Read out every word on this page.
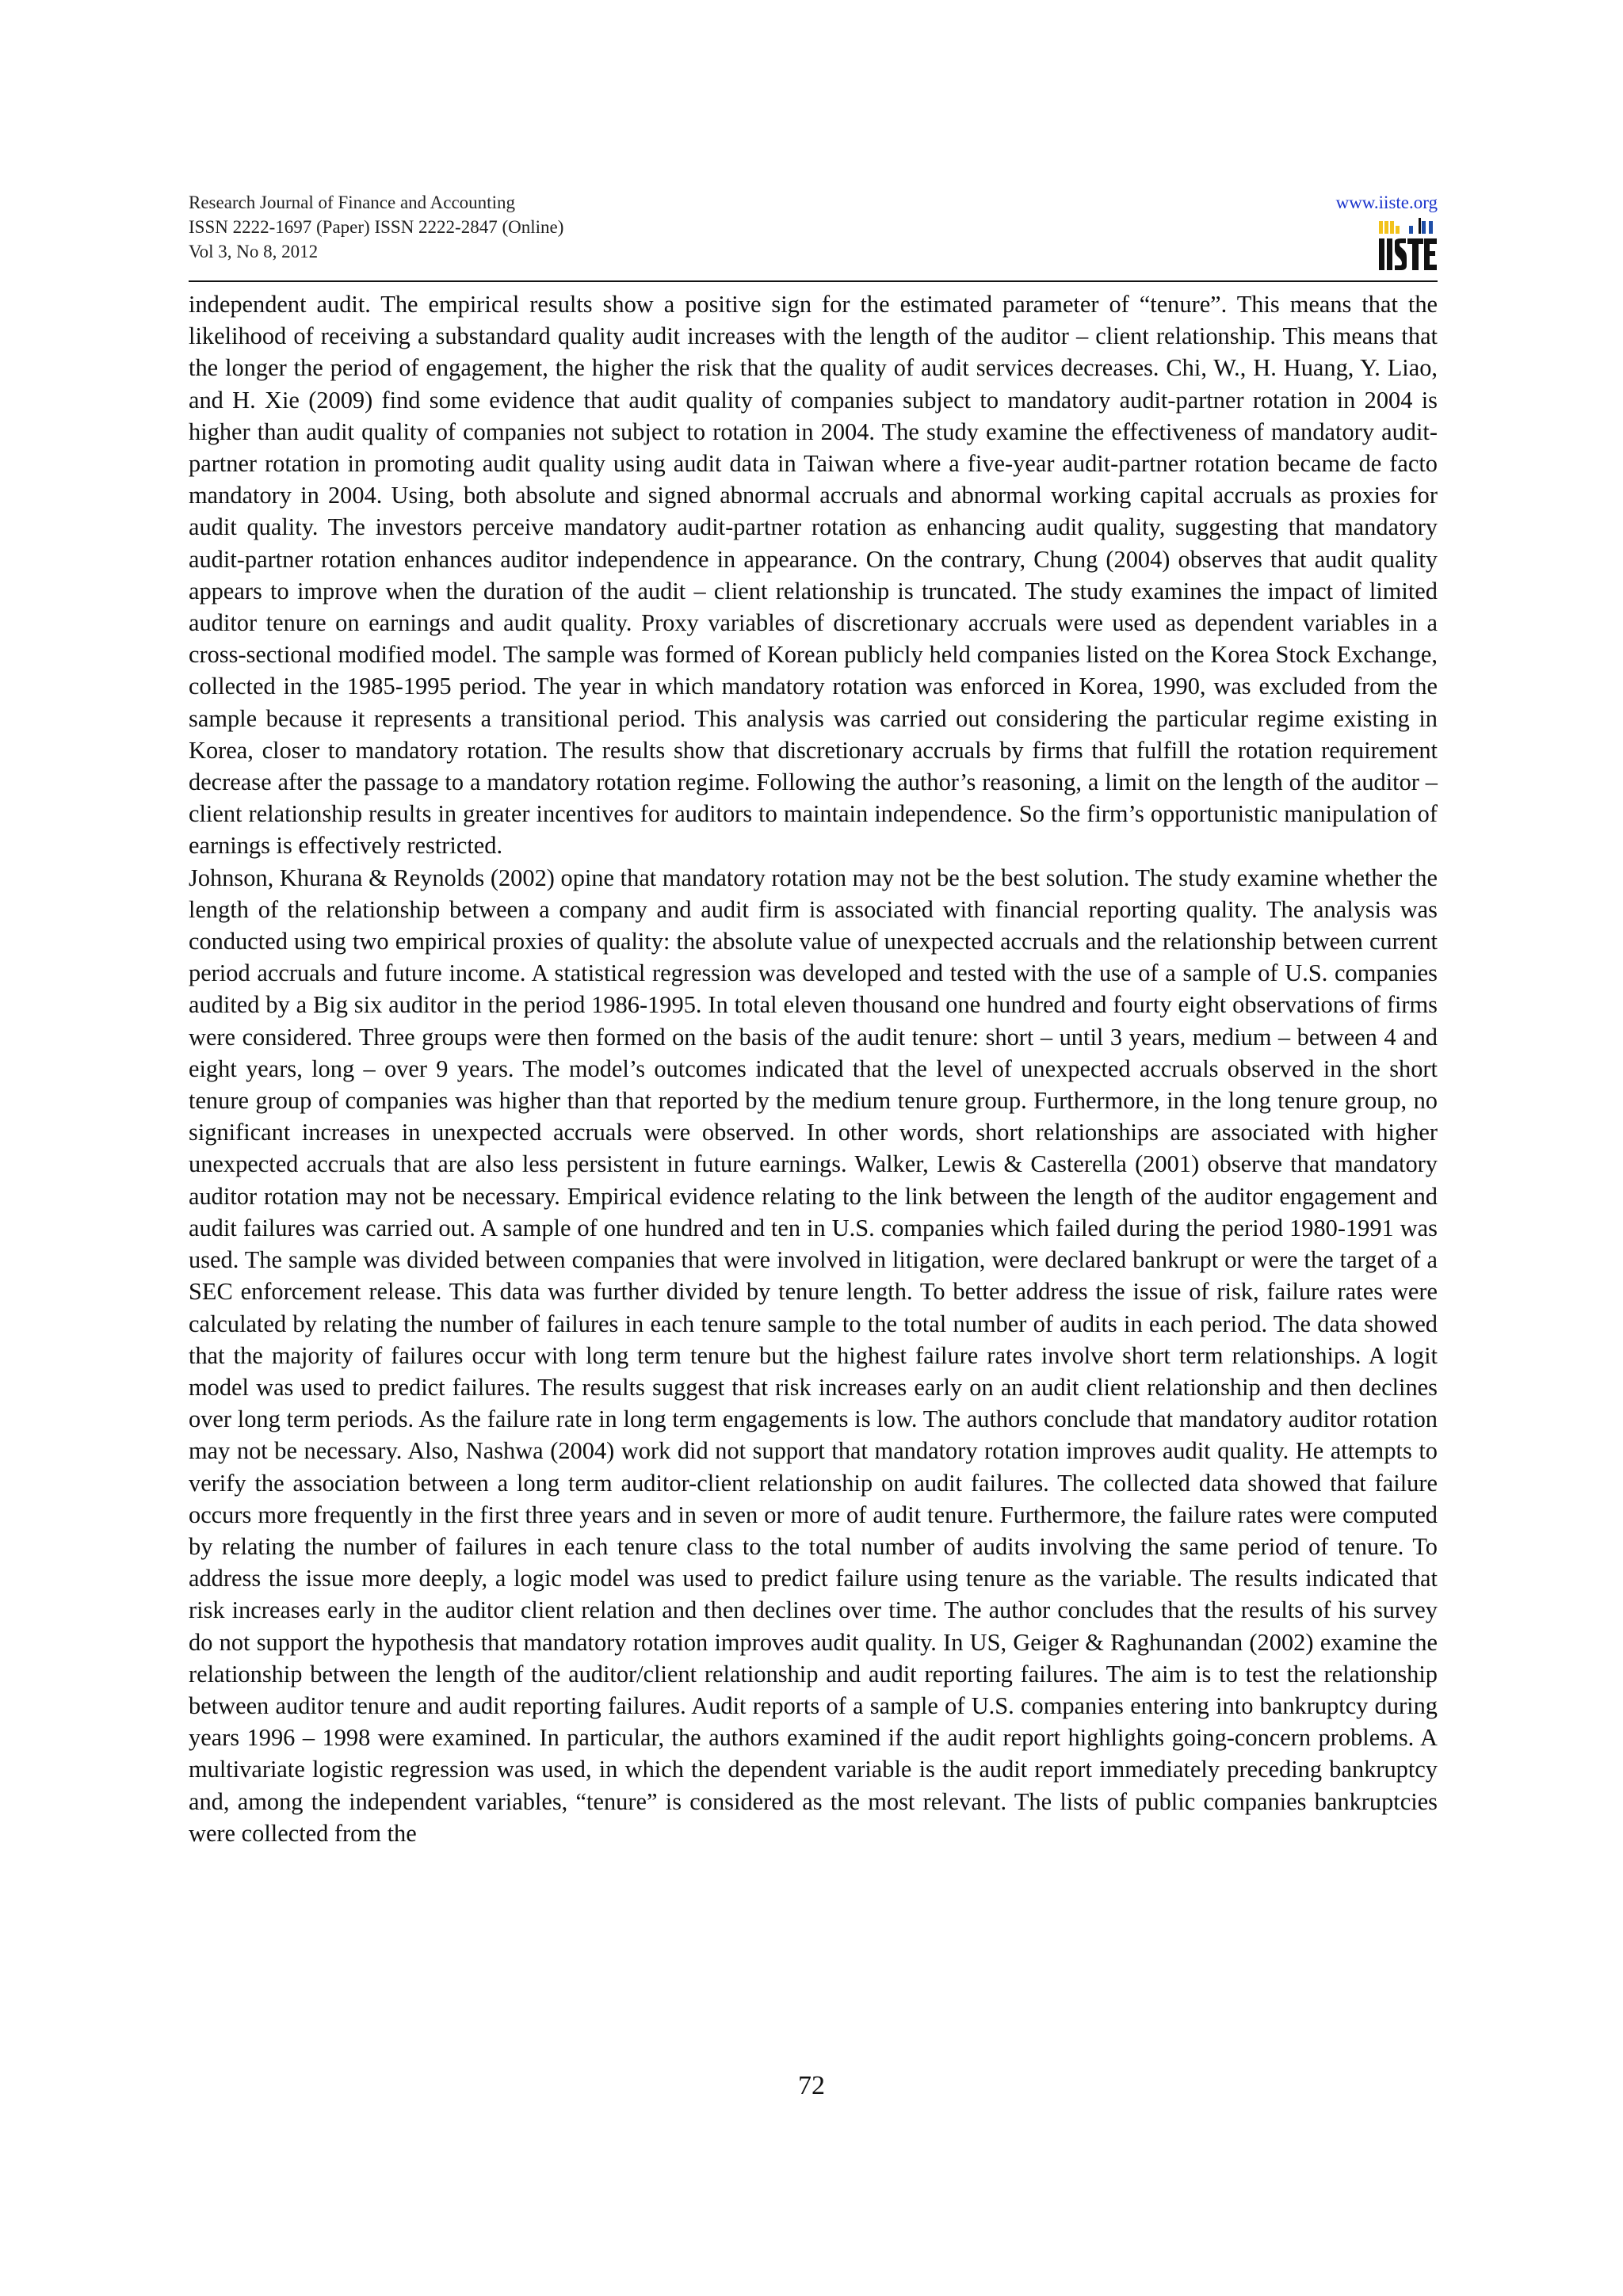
Research Journal of Finance and Accounting
ISSN 2222-1697 (Paper) ISSN 2222-2847 (Online)
Vol 3, No 8, 2012
www.iiste.org

independent audit. The empirical results show a positive sign for the estimated parameter of “tenure”. This means that the likelihood of receiving a substandard quality audit increases with the length of the auditor – client relationship. This means that the longer the period of engagement, the higher the risk that the quality of audit services decreases. Chi, W., H. Huang, Y. Liao, and H. Xie (2009) find some evidence that audit quality of companies subject to mandatory audit-partner rotation in 2004 is higher than audit quality of companies not subject to rotation in 2004. The study examine the effectiveness of mandatory audit-partner rotation in promoting audit quality using audit data in Taiwan where a five-year audit-partner rotation became de facto mandatory in 2004. Using, both absolute and signed abnormal accruals and abnormal working capital accruals as proxies for audit quality. The investors perceive mandatory audit-partner rotation as enhancing audit quality, suggesting that mandatory audit-partner rotation enhances auditor independence in appearance. On the contrary, Chung (2004) observes that audit quality appears to improve when the duration of the audit – client relationship is truncated. The study examines the impact of limited auditor tenure on earnings and audit quality. Proxy variables of discretionary accruals were used as dependent variables in a cross-sectional modified model. The sample was formed of Korean publicly held companies listed on the Korea Stock Exchange, collected in the 1985-1995 period. The year in which mandatory rotation was enforced in Korea, 1990, was excluded from the sample because it represents a transitional period. This analysis was carried out considering the particular regime existing in Korea, closer to mandatory rotation. The results show that discretionary accruals by firms that fulfill the rotation requirement decrease after the passage to a mandatory rotation regime. Following the author’s reasoning, a limit on the length of the auditor – client relationship results in greater incentives for auditors to maintain independence. So the firm’s opportunistic manipulation of earnings is effectively restricted.

Johnson, Khurana & Reynolds (2002) opine that mandatory rotation may not be the best solution. The study examine whether the length of the relationship between a company and audit firm is associated with financial reporting quality. The analysis was conducted using two empirical proxies of quality: the absolute value of unexpected accruals and the relationship between current period accruals and future income. A statistical regression was developed and tested with the use of a sample of U.S. companies audited by a Big six auditor in the period 1986-1995. In total eleven thousand one hundred and fourty eight observations of firms were considered. Three groups were then formed on the basis of the audit tenure: short – until 3 years, medium – between 4 and eight years, long – over 9 years. The model’s outcomes indicated that the level of unexpected accruals observed in the short tenure group of companies was higher than that reported by the medium tenure group. Furthermore, in the long tenure group, no significant increases in unexpected accruals were observed. In other words, short relationships are associated with higher unexpected accruals that are also less persistent in future earnings. Walker, Lewis & Casterella (2001) observe that mandatory auditor rotation may not be necessary. Empirical evidence relating to the link between the length of the auditor engagement and audit failures was carried out. A sample of one hundred and ten in U.S. companies which failed during the period 1980-1991 was used. The sample was divided between companies that were involved in litigation, were declared bankrupt or were the target of a SEC enforcement release. This data was further divided by tenure length. To better address the issue of risk, failure rates were calculated by relating the number of failures in each tenure sample to the total number of audits in each period. The data showed that the majority of failures occur with long term tenure but the highest failure rates involve short term relationships. A logit model was used to predict failures. The results suggest that risk increases early on an audit client relationship and then declines over long term periods. As the failure rate in long term engagements is low. The authors conclude that mandatory auditor rotation may not be necessary. Also, Nashwa (2004) work did not support that mandatory rotation improves audit quality. He attempts to verify the association between a long term auditor-client relationship on audit failures. The collected data showed that failure occurs more frequently in the first three years and in seven or more of audit tenure. Furthermore, the failure rates were computed by relating the number of failures in each tenure class to the total number of audits involving the same period of tenure. To address the issue more deeply, a logic model was used to predict failure using tenure as the variable. The results indicated that risk increases early in the auditor client relation and then declines over time. The author concludes that the results of his survey do not support the hypothesis that mandatory rotation improves audit quality. In US, Geiger & Raghunandan (2002) examine the relationship between the length of the auditor/client relationship and audit reporting failures. The aim is to test the relationship between auditor tenure and audit reporting failures. Audit reports of a sample of U.S. companies entering into bankruptcy during years 1996 – 1998 were examined. In particular, the authors examined if the audit report highlights going-concern problems. A multivariate logistic regression was used, in which the dependent variable is the audit report immediately preceding bankruptcy and, among the independent variables, “tenure” is considered as the most relevant. The lists of public companies bankruptcies were collected from the

72
